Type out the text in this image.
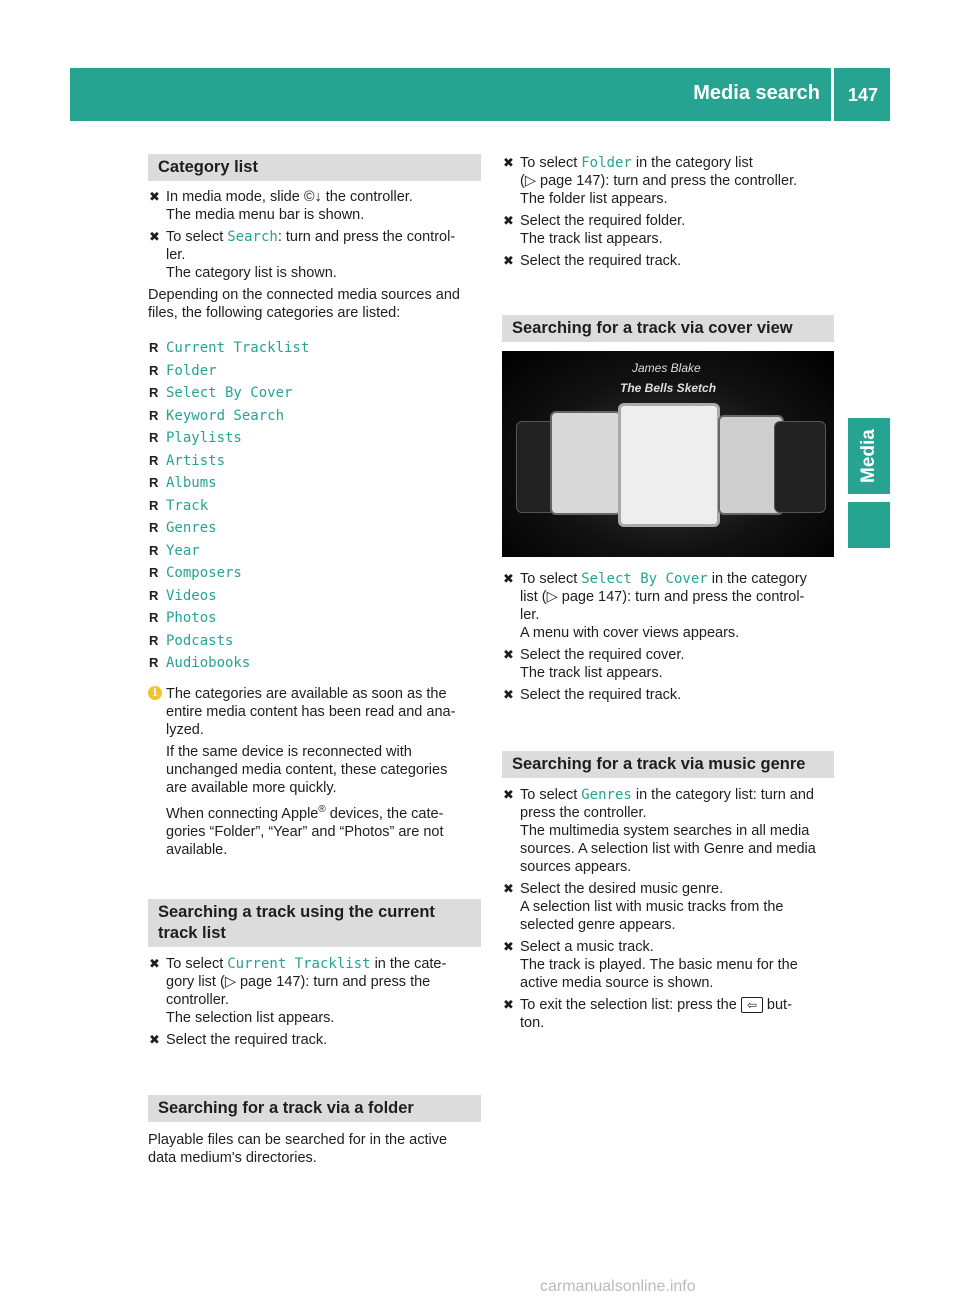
Media search	147
Media
Category list
✖ In media mode, slide ©↓ the controller.
The media menu bar is shown.
✖ To select Search: turn and press the control-
ler.
The category list is shown.
Depending on the connected media sources and
files, the following categories are listed:
R Current Tracklist
R Folder
R Select By Cover
R Keyword Search
R Playlists
R Artists
R Albums
R Track
R Genres
R Year
R Composers
R Videos
R Photos
R Podcasts
R Audiobooks
i The categories are available as soon as the
entire media content has been read and ana-
lyzed.

If the same device is reconnected with
unchanged media content, these categories
are available more quickly.

When connecting Apple® devices, the cate-
gories “Folder”, “Year” and “Photos” are not
available.

Searching a track using the current
track list
✖ To select Current Tracklist in the cate-
gory list (▷ page 147): turn and press the
controller.
The selection list appears.
✖ Select the required track.
Searching for a track via a folder
Playable files can be searched for in the active
data medium's directories.
✖ To select Folder in the category list
(▷ page 147): turn and press the controller.
The folder list appears.
✖ Select the required folder.
The track list appears.
✖ Select the required track.
Searching for a track via cover view
James Blake
The Bells Sketch
✖ To select Select By Cover in the category
list (▷ page 147): turn and press the control-
ler.
A menu with cover views appears.
✖ Select the required cover.
The track list appears.
✖ Select the required track.
Searching for a track via music genre
✖ To select Genres in the category list: turn and
press the controller.
The multimedia system searches in all media
sources. A selection list with Genre and media
sources appears.
✖ Select the desired music genre.
A selection list with music tracks from the
selected genre appears.
✖ Select a music track.
The track is played. The basic menu for the
active media source is shown.
✖ To exit the selection list: press the ⇦ but-
ton.
carmanualsonline.info
